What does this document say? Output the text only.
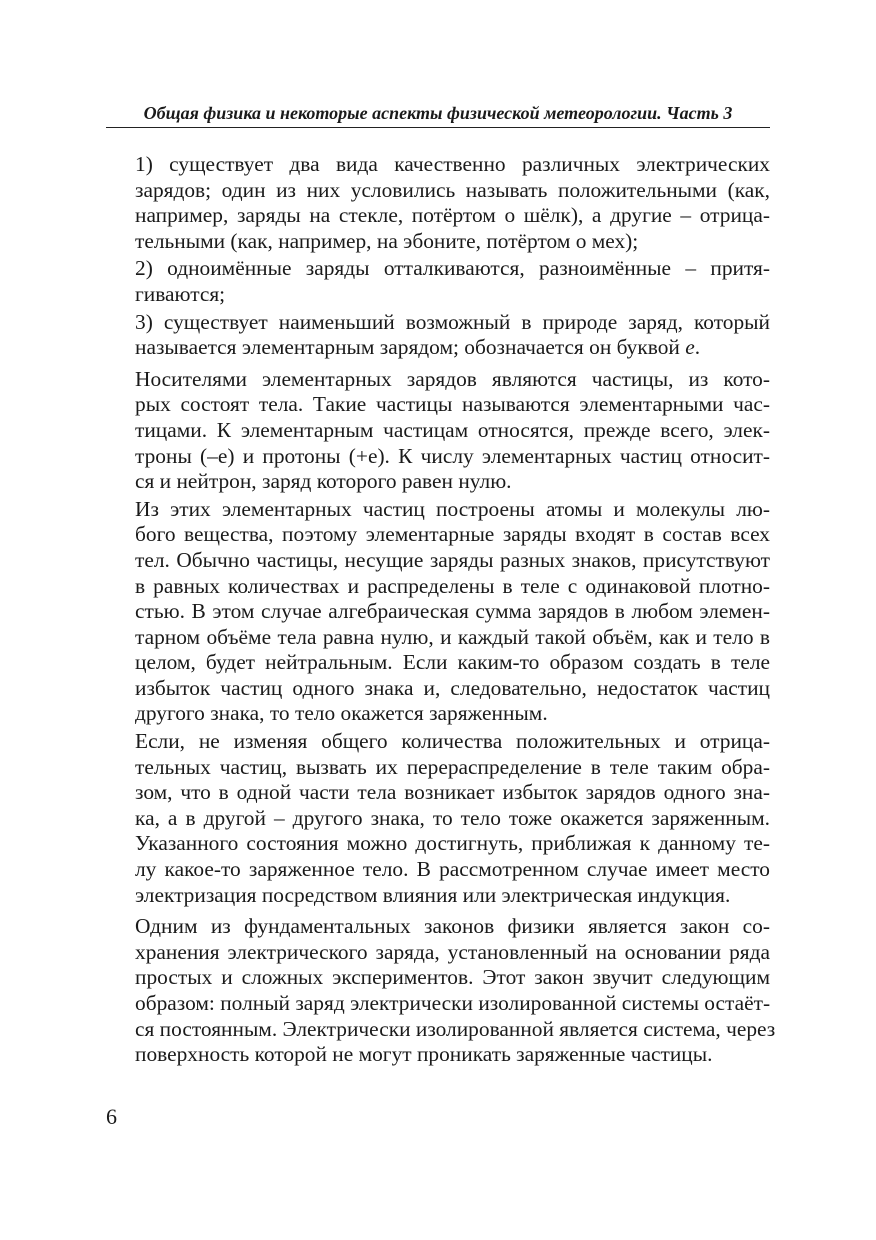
Общая физика и некоторые аспекты физической метеорологии. Часть 3

1) существует два вида качественно различных электрических
зарядов; один из них условились называть положительными (как,
например, заряды на стекле, потёртом о шёлк), а другие – отрица-
тельными (как, например, на эбоните, потёртом о мех);

2) одноимённые заряды отталкиваются, разноимённые – притя-
гиваются;

3) существует наименьший возможный в природе заряд, который
называется элементарным зарядом; обозначается он буквой e.

Носителями элементарных зарядов являются частицы, из кото-
рых состоят тела. Такие частицы называются элементарными час-
тицами. К элементарным частицам относятся, прежде всего, элек-
троны (–е) и протоны (+е). К числу элементарных частиц относит-
ся и нейтрон, заряд которого равен нулю.

Из этих элементарных частиц построены атомы и молекулы лю-
бого вещества, поэтому элементарные заряды входят в состав всех
тел. Обычно частицы, несущие заряды разных знаков, присутствуют
в равных количествах и распределены в теле с одинаковой плотно-
стью. В этом случае алгебраическая сумма зарядов в любом элемен-
тарном объёме тела равна нулю, и каждый такой объём, как и тело в
целом, будет нейтральным. Если каким-то образом создать в теле
избыток частиц одного знака и, следовательно, недостаток частиц
другого знака, то тело окажется заряженным.

Если, не изменяя общего количества положительных и отрица-
тельных частиц, вызвать их перераспределение в теле таким обра-
зом, что в одной части тела возникает избыток зарядов одного зна-
ка, а в другой – другого знака, то тело тоже окажется заряженным.
Указанного состояния можно достигнуть, приближая к данному те-
лу какое-то заряженное тело. В рассмотренном случае имеет место
электризация посредством влияния или электрическая индукция.

Одним из фундаментальных законов физики является закон со-
хранения электрического заряда, установленный на основании ряда
простых и сложных экспериментов. Этот закон звучит следующим
образом: полный заряд электрически изолированной системы остаёт-
ся постоянным. Электрически изолированной является система, через
поверхность которой не могут проникать заряженные частицы.

6
